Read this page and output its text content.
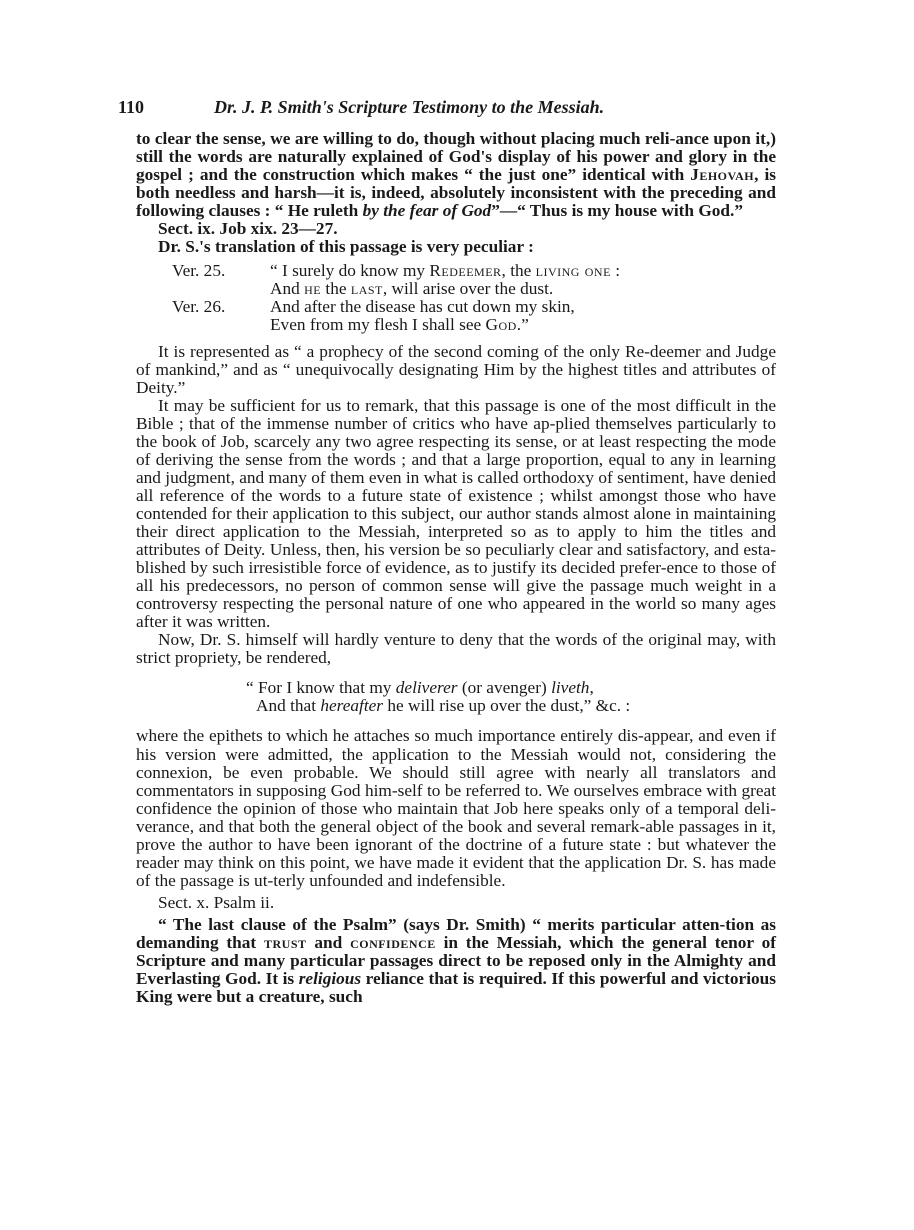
110	Dr. J. P. Smith's Scripture Testimony to the Messiah.

to clear the sense, we are willing to do, though without placing much reli-ance upon it,) still the words are naturally explained of God's display of his power and glory in the gospel ; and the construction which makes “ the just one” identical with Jehovah, is both needless and harsh—it is, indeed, absolutely inconsistent with the preceding and following clauses : “ He ruleth by the fear of God”—“ Thus is my house with God.”

Sect. ix. Job xix. 23—27.

Dr. S.'s translation of this passage is very peculiar :

Ver. 25.	“ I surely do know my Redeemer, the living one :
And he the last, will arise over the dust.
Ver. 26.	And after the disease has cut down my skin,
Even from my flesh I shall see God.”

It is represented as “ a prophecy of the second coming of the only Re-deemer and Judge of mankind,” and as “ unequivocally designating Him by the highest titles and attributes of Deity.”

It may be sufficient for us to remark, that this passage is one of the most difficult in the Bible ; that of the immense number of critics who have ap-plied themselves particularly to the book of Job, scarcely any two agree respecting its sense, or at least respecting the mode of deriving the sense from the words ; and that a large proportion, equal to any in learning and judgment, and many of them even in what is called orthodoxy of sentiment, have denied all reference of the words to a future state of existence ; whilst amongst those who have contended for their application to this subject, our author stands almost alone in maintaining their direct application to the Messiah, interpreted so as to apply to him the titles and attributes of Deity. Unless, then, his version be so peculiarly clear and satisfactory, and esta-blished by such irresistible force of evidence, as to justify its decided prefer-ence to those of all his predecessors, no person of common sense will give the passage much weight in a controversy respecting the personal nature of one who appeared in the world so many ages after it was written.

Now, Dr. S. himself will hardly venture to deny that the words of the original may, with strict propriety, be rendered,

“ For I know that my deliverer (or avenger) liveth,
And that hereafter he will rise up over the dust,” &c. :

where the epithets to which he attaches so much importance entirely dis-appear, and even if his version were admitted, the application to the Messiah would not, considering the connexion, be even probable. We should still agree with nearly all translators and commentators in supposing God him-self to be referred to. We ourselves embrace with great confidence the opinion of those who maintain that Job here speaks only of a temporal deli-verance, and that both the general object of the book and several remark-able passages in it, prove the author to have been ignorant of the doctrine of a future state : but whatever the reader may think on this point, we have made it evident that the application Dr. S. has made of the passage is ut-terly unfounded and indefensible.

Sect. x. Psalm ii.

“ The last clause of the Psalm” (says Dr. Smith) “ merits particular atten-tion as demanding that trust and confidence in the Messiah, which the general tenor of Scripture and many particular passages direct to be reposed only in the Almighty and Everlasting God. It is religious reliance that is required. If this powerful and victorious King were but a creature, such
